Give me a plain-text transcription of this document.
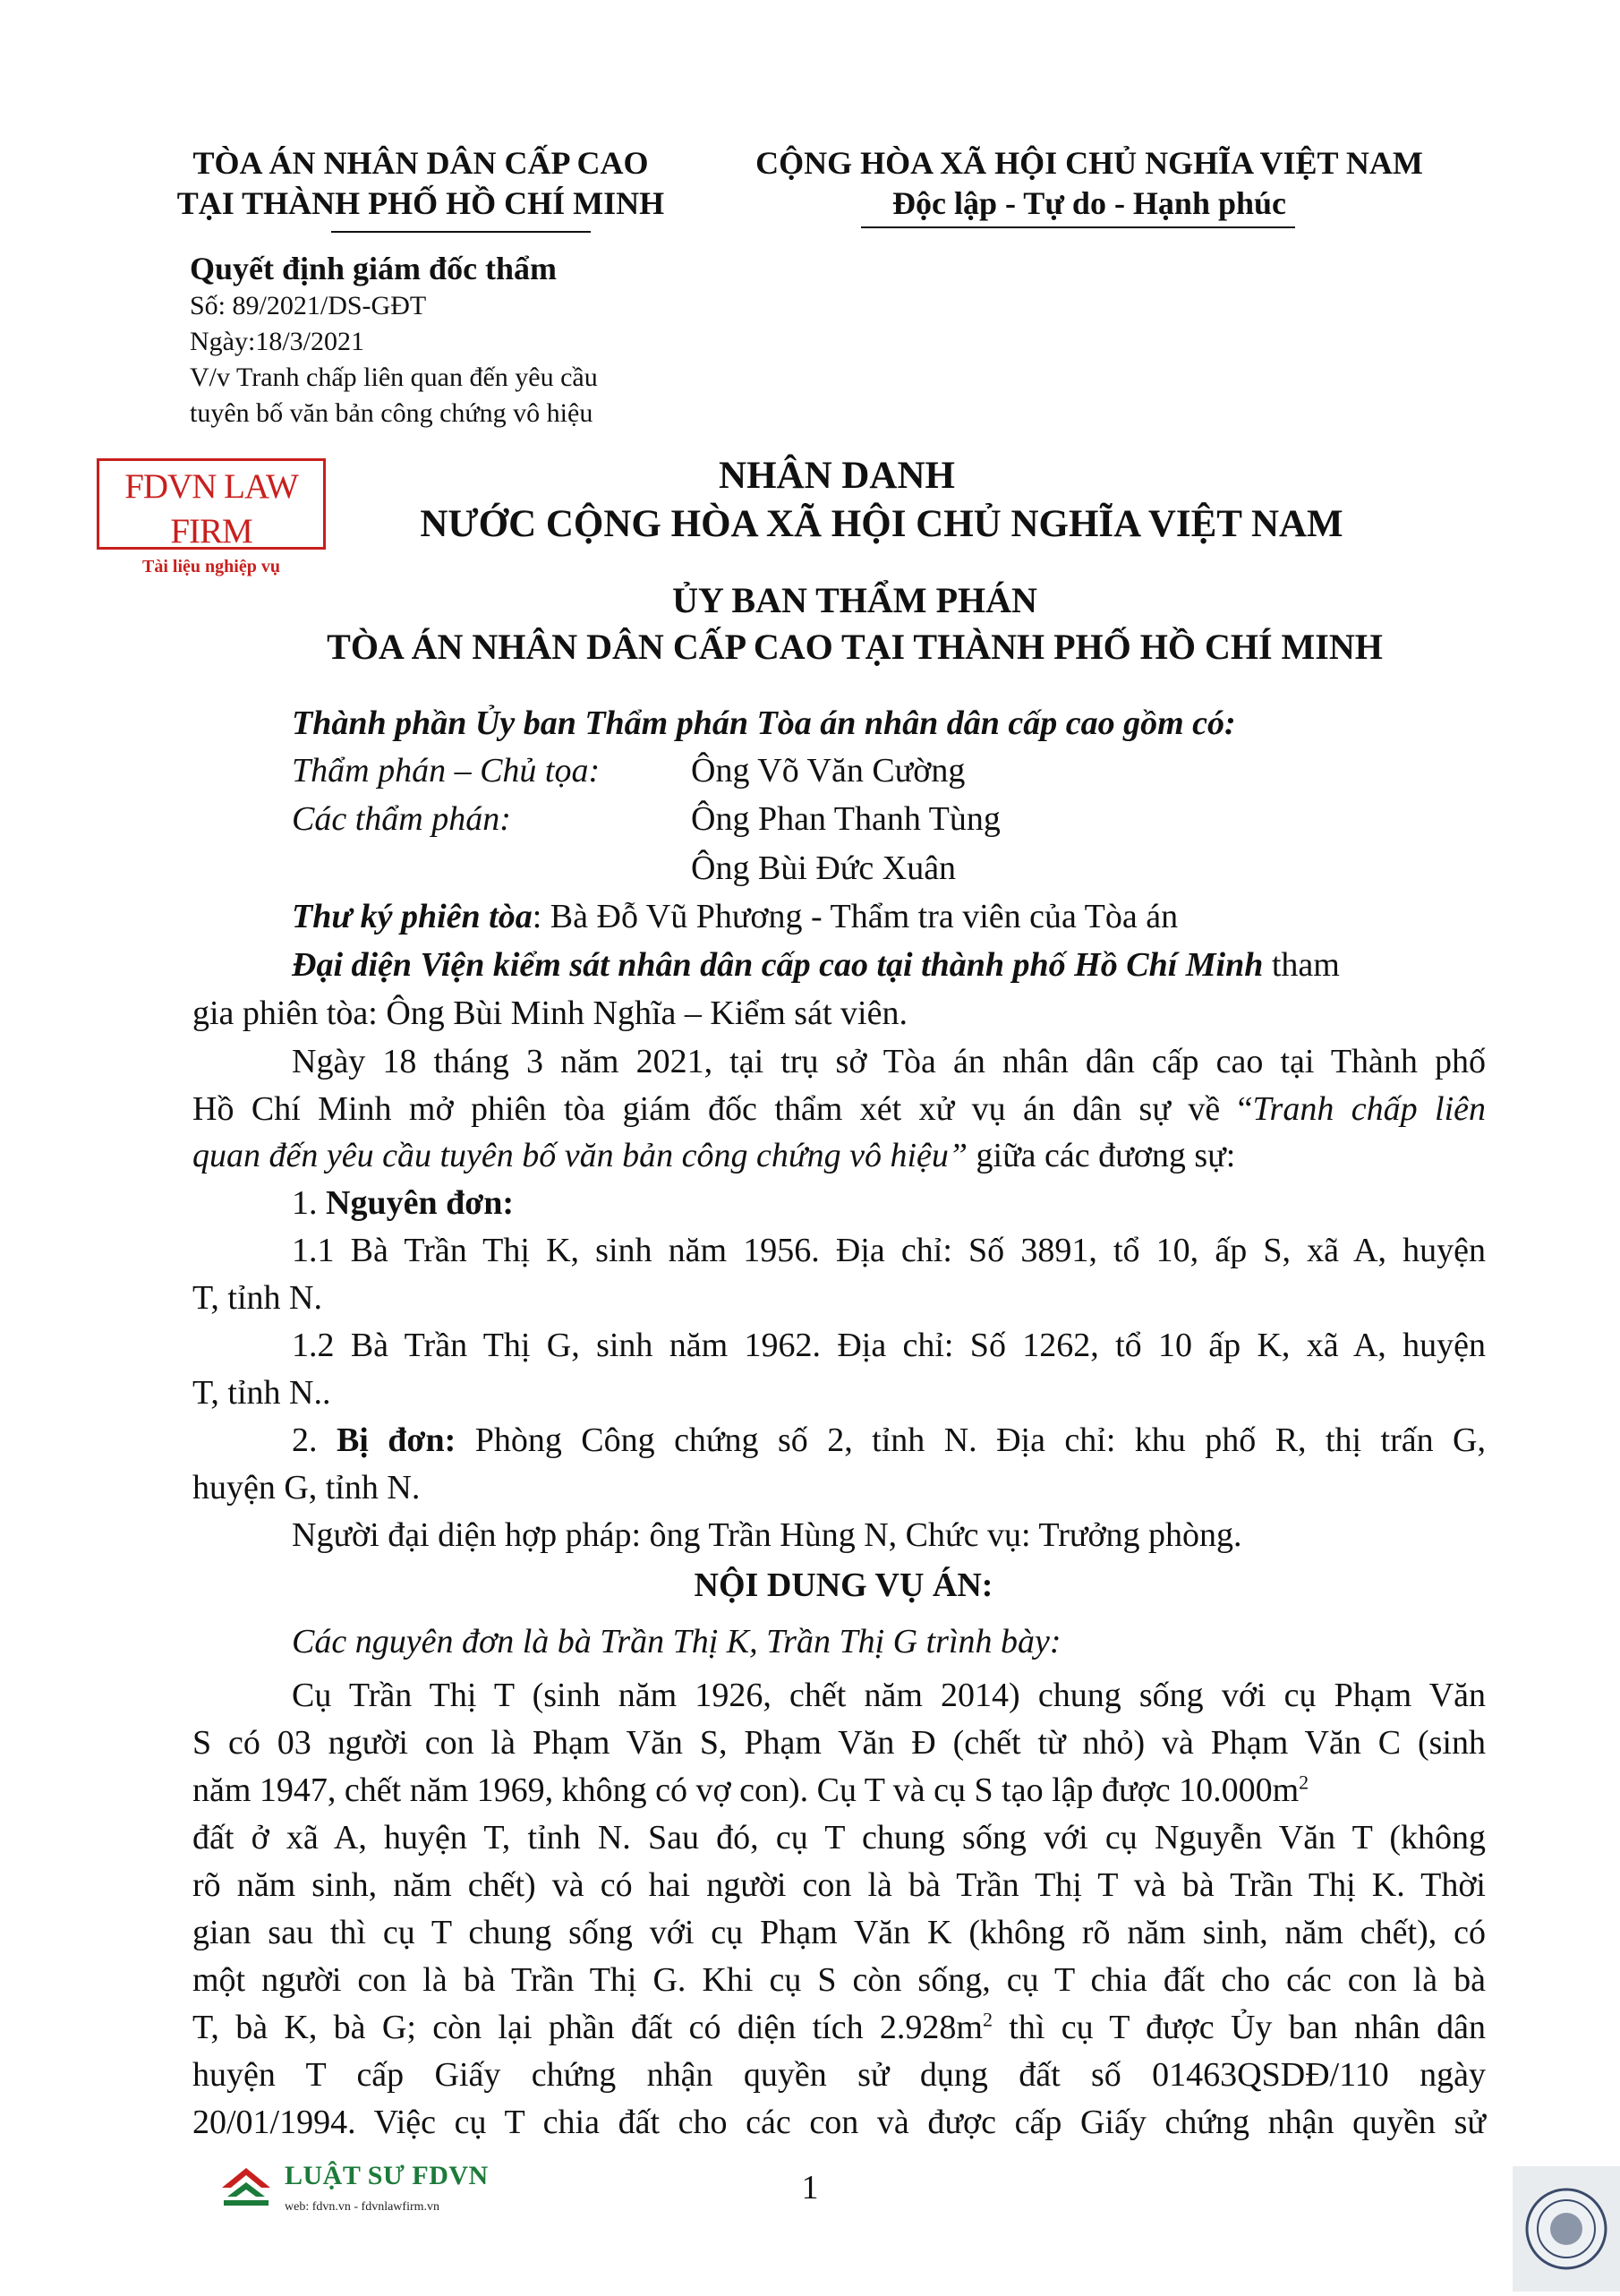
TÒA ÁN NHÂN DÂN CẤP CAO
TẠI THÀNH PHỐ HỒ CHÍ MINH
CỘNG HÒA XÃ HỘI CHỦ NGHĨA VIỆT NAM
Độc lập - Tự do - Hạnh phúc
Quyết định giám đốc thẩm
Số: 89/2021/DS-GĐT
Ngày:18/3/2021
V/v Tranh chấp liên quan đến yêu cầu
tuyên bố văn bản công chứng vô hiệu
FDVN LAW FIRM
Tài liệu nghiệp vụ
NHÂN DANH
NƯỚC CỘNG HÒA XÃ HỘI CHỦ NGHĨA VIỆT NAM
ỦY BAN THẨM PHÁN
TÒA ÁN NHÂN DÂN CẤP CAO TẠI THÀNH PHỐ HỒ CHÍ MINH
Thành phần Ủy ban Thẩm phán Tòa án nhân dân cấp cao gồm có:
Thẩm phán – Chủ tọa:	Ông Võ Văn Cường
Các thẩm phán:	Ông Phan Thanh Tùng
Ông Bùi Đức Xuân
Thư ký phiên tòa: Bà Đỗ Vũ Phương - Thẩm tra viên của Tòa án
Đại diện Viện kiểm sát nhân dân cấp cao tại thành phố Hồ Chí Minh tham
gia phiên tòa: Ông Bùi Minh Nghĩa – Kiểm sát viên.
Ngày 18 tháng 3 năm 2021, tại trụ sở Tòa án nhân dân cấp cao tại Thành phố
Hồ Chí Minh mở phiên tòa giám đốc thẩm xét xử vụ án dân sự về “Tranh chấp liên
quan đến yêu cầu tuyên bố văn bản công chứng vô hiệu” giữa các đương sự:
1. Nguyên đơn:
1.1 Bà Trần Thị K, sinh năm 1956. Địa chỉ: Số 3891, tổ 10, ấp S, xã A, huyện
T, tỉnh N.
1.2 Bà Trần Thị G, sinh năm 1962. Địa chỉ: Số 1262, tổ 10 ấp K, xã A, huyện
T, tỉnh N..
2. Bị đơn: Phòng Công chứng số 2, tỉnh N. Địa chỉ: khu phố R, thị trấn G,
huyện G, tỉnh N.
Người đại diện hợp pháp: ông Trần Hùng N, Chức vụ: Trưởng phòng.
NỘI DUNG VỤ ÁN:
Các nguyên đơn là bà Trần Thị K, Trần Thị G trình bày:
Cụ Trần Thị T (sinh năm 1926, chết năm 2014) chung sống với cụ Phạm Văn
S có 03 người con là Phạm Văn S, Phạm Văn Đ (chết từ nhỏ) và Phạm Văn C (sinh
năm 1947, chết năm 1969, không có vợ con). Cụ T và cụ S tạo lập được $10.000m^2$
đất ở xã A, huyện T, tỉnh N. Sau đó, cụ T chung sống với cụ Nguyễn Văn T (không
rõ năm sinh, năm chết) và có hai người con là bà Trần Thị T và bà Trần Thị K. Thời
gian sau thì cụ T chung sống với cụ Phạm Văn K (không rõ năm sinh, năm chết), có
một người con là bà Trần Thị G. Khi cụ S còn sống, cụ T chia đất cho các con là bà
T, bà K, bà G; còn lại phần đất có diện tích $2.928m^2$ thì cụ T được Ủy ban nhân dân
huyện T cấp Giấy chứng nhận quyền sử dụng đất số 01463QSDĐ/110 ngày
20/01/1994. Việc cụ T chia đất cho các con và được cấp Giấy chứng nhận quyền sử
LUẬT SƯ FDVN
web: fdvn.vn - fdvnlawfirm.vn
1
